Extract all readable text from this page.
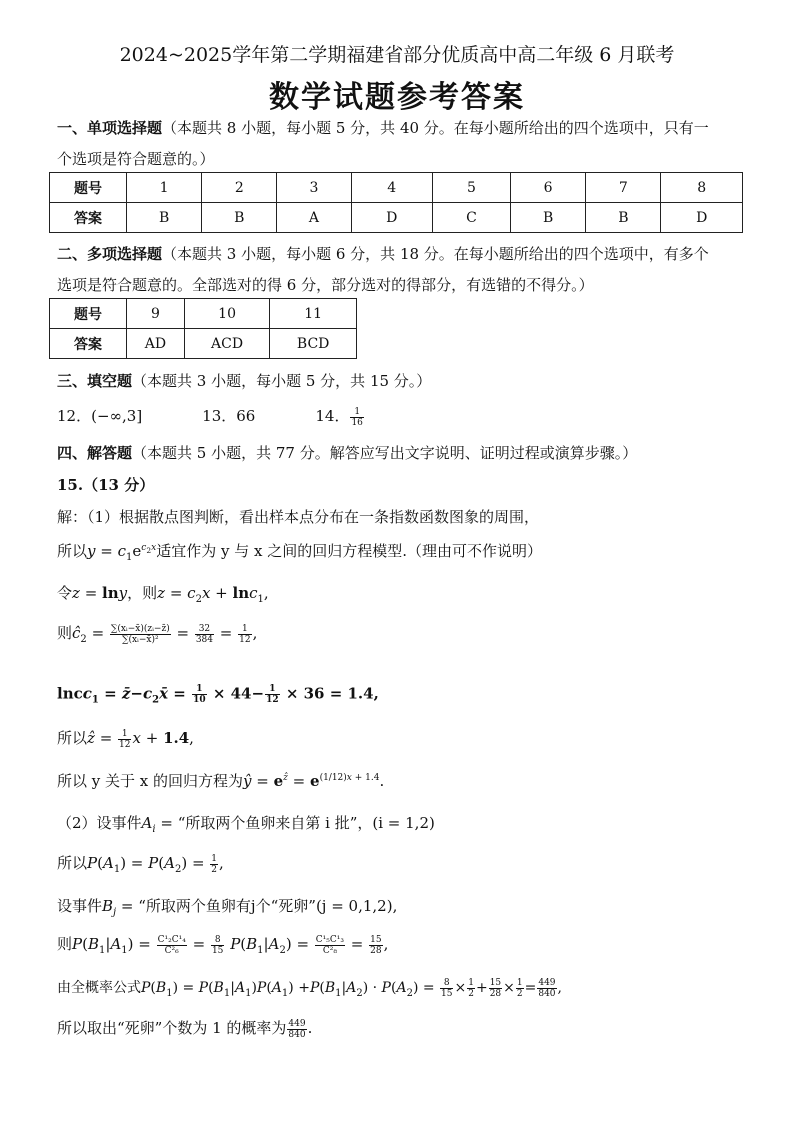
2024~2025学年第二学期福建省部分优质高中高二年级 6 月联考
数学试题参考答案
一、单项选择题（本题共 8 小题，每小题 5 分，共 40 分。在每小题所给出的四个选项中，只有一
个选项是符合题意的。）
题号	1	2	3	4	5	6	7	8
答案	B	B	A	D	C	B	B	D
二、多项选择题（本题共 3 小题，每小题 6 分，共 18 分。在每小题所给出的四个选项中，有多个
选项是符合题意的。全部选对的得 6 分，部分选对的得部分，有选错的不得分。）
题号	9	10	11
答案	AD	ACD	BCD
三、填空题（本题共 3 小题，每小题 5 分，共 15 分。）
12．(−∞,3]	13．66	14． $\frac{1}{16}$
四、解答题（本题共 5 小题，共 77 分。解答应写出文字说明、证明过程或演算步骤。）
15.（13 分）
解：（1）根据散点图判断，看出样本点分布在一条指数函数图象的周围，
所以$y = c_1e^{c_2x}$适宜作为 y 与 x 之间的回归方程模型.（理由可不作说明）
令z = lny，则$z = c_2x + \ln c_1$,
则$ĉ_2 = \frac{\text{∑(xᵢ−x̄)(zᵢ−z̄)}}{\text{∑(xᵢ−x̄)²}} = \frac{32}{384} = \frac{1}{12}$ ,
lncc$_1$ = $z̄-c_2x̄ = \frac{1}{10} \times 44- \frac{1}{12} \times 36 = 1.4$,
所以ẑ = $\frac{1}{12}$ x + 1.4,
所以 y 关于 x 的回归方程为ŷ = $e^ẑ = e^{(1/12)x + 1.4}$.
（2）设事件$A_i$ = “所取两个鱼卵来自第 i 批”，(i = 1,2)
所以$P(A_1) = P(A_2) = \frac{1}{2}$ ,
设事件$B_j$ = “所取两个鱼卵有j个“死卵”(j = 0,1,2),
则$P(B_1|A_1) = \frac{\text{C¹₂C¹₄}}{\text{C²₆}} = \frac{8}{15} P(B_1|A_2) = \frac{\text{C¹₅C¹₃}}{\text{C²₈}} = \frac{15}{28}$ ,
由全概率公式$P(B_1) = P(B_1|A_1)P(A_1) +P(B_1|A_2) \cdot P(A_2) = \frac{8}{15} \times \frac{1}{2} + \frac{15}{28} \times \frac{1}{2} = \frac{449}{840}$ ,
所以取出“死卵”个数为 1 的概率为 $\frac{449}{840}$ .
